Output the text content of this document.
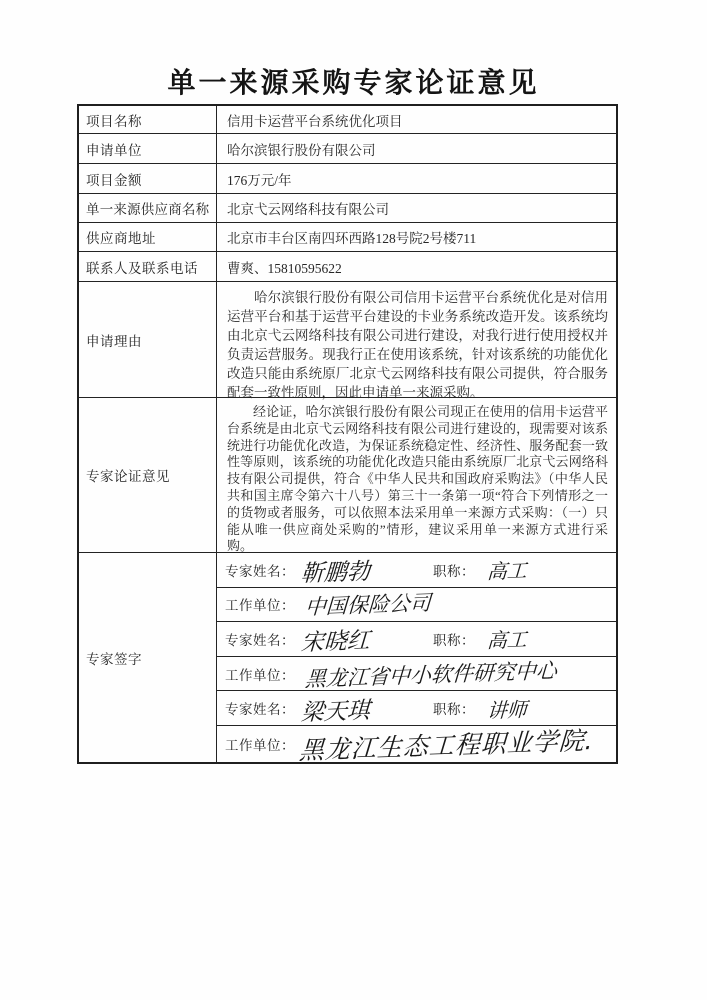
单一来源采购专家论证意见
项目名称	信用卡运营平台系统优化项目
申请单位	哈尔滨银行股份有限公司
项目金额	176万元/年
单一来源供应商名称	北京弋云网络科技有限公司
供应商地址	北京市丰台区南四环西路128号院2号楼711
联系人及联系电话	曹爽、15810595622
申请理由
哈尔滨银行股份有限公司信用卡运营平台系统优化是对信用运营平台和基于运营平台建设的卡业务系统改造开发。该系统均由北京弋云网络科技有限公司进行建设，对我行进行使用授权并负责运营服务。现我行正在使用该系统，针对该系统的功能优化改造只能由系统原厂北京弋云网络科技有限公司提供，符合服务配套一致性原则，因此申请单一来源采购。
专家论证意见
经论证，哈尔滨银行股份有限公司现正在使用的信用卡运营平台系统是由北京弋云网络科技有限公司进行建设的，现需要对该系统进行功能优化改造，为保证系统稳定性、经济性、服务配套一致性等原则，该系统的功能优化改造只能由系统原厂北京弋云网络科技有限公司提供，符合《中华人民共和国政府采购法》（中华人民共和国主席令第六十八号）第三十一条第一项“符合下列情形之一的货物或者服务，可以依照本法采用单一来源方式采购：（一）只能从唯一供应商处采购的”情形，建议采用单一来源方式进行采购。
专家签字
专家姓名： 靳鹏勃	职称： 高工
工作单位： 中国保险公司
专家姓名： 宋晓红	职称： 高工
工作单位： 黑龙江省中小软件研究中心
专家姓名： 梁天琪	职称： 讲师
工作单位： 黑龙江生态工程职业学院.
